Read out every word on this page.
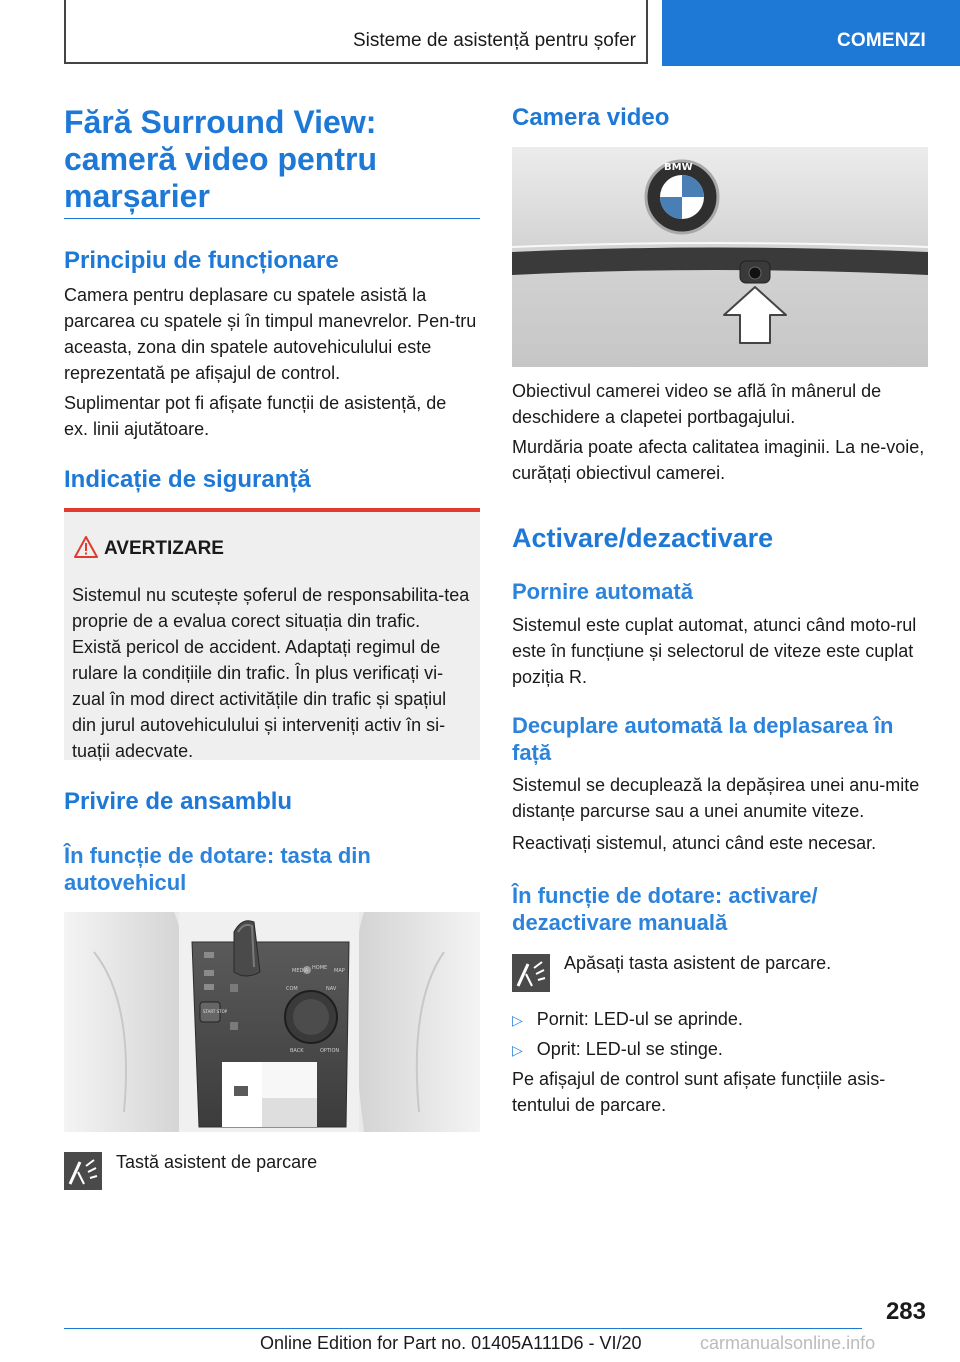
Sisteme de asistență pentru șofer	COMENZI
Fără Surround View: cameră video pentru marșarier
Principiu de funcționare

Camera pentru deplasare cu spatele asistă la parcarea cu spatele și în timpul manevrelor. Pen-tru aceasta, zona din spatele autovehiculului este reprezentată pe afișajul de control.

Suplimentar pot fi afișate funcții de asistență, de ex. linii ajutătoare.

Indicație de siguranță
AVERTIZARE

Sistemul nu scutește șoferul de responsabilita-tea proprie de a evalua corect situația din trafic. Există pericol de accident. Adaptați regimul de rulare la condițiile din trafic. În plus verificați vi-zual în mod direct activitățile din trafic și spațiul din jurul autovehiculului și interveniți activ în si-tuații adecvate.

Privire de ansamblu
În funcție de dotare: tasta din autovehicul
MEDIA HOME MAP
COM	NAV
BACK	OPTION
START STOP

Tastă asistent de parcare

Camera video
BMW

Obiectivul camerei video se află în mânerul de deschidere a clapetei portbagajului.

Murdăria poate afecta calitatea imaginii. La ne-voie, curățați obiectivul camerei.

Activare/dezactivare
Pornire automată

Sistemul este cuplat automat, atunci când moto-rul este în funcțiune și selectorul de viteze este cuplat poziția R.

Decuplare automată la deplasarea în față

Sistemul se decuplează la depășirea unei anu-mite distanțe parcurse sau a unei anumite viteze.

Reactivați sistemul, atunci când este necesar.

În funcție de dotare: activare/ dezactivare manuală

Apăsați tasta asistent de parcare.

▷ Pornit: LED-ul se aprinde.
▷ Oprit: LED-ul se stinge.

Pe afișajul de control sunt afișate funcțiile asis-tentului de parcare.

283
Online Edition for Part no. 01405A111D6 - VI/20	carmanualsonline.info
